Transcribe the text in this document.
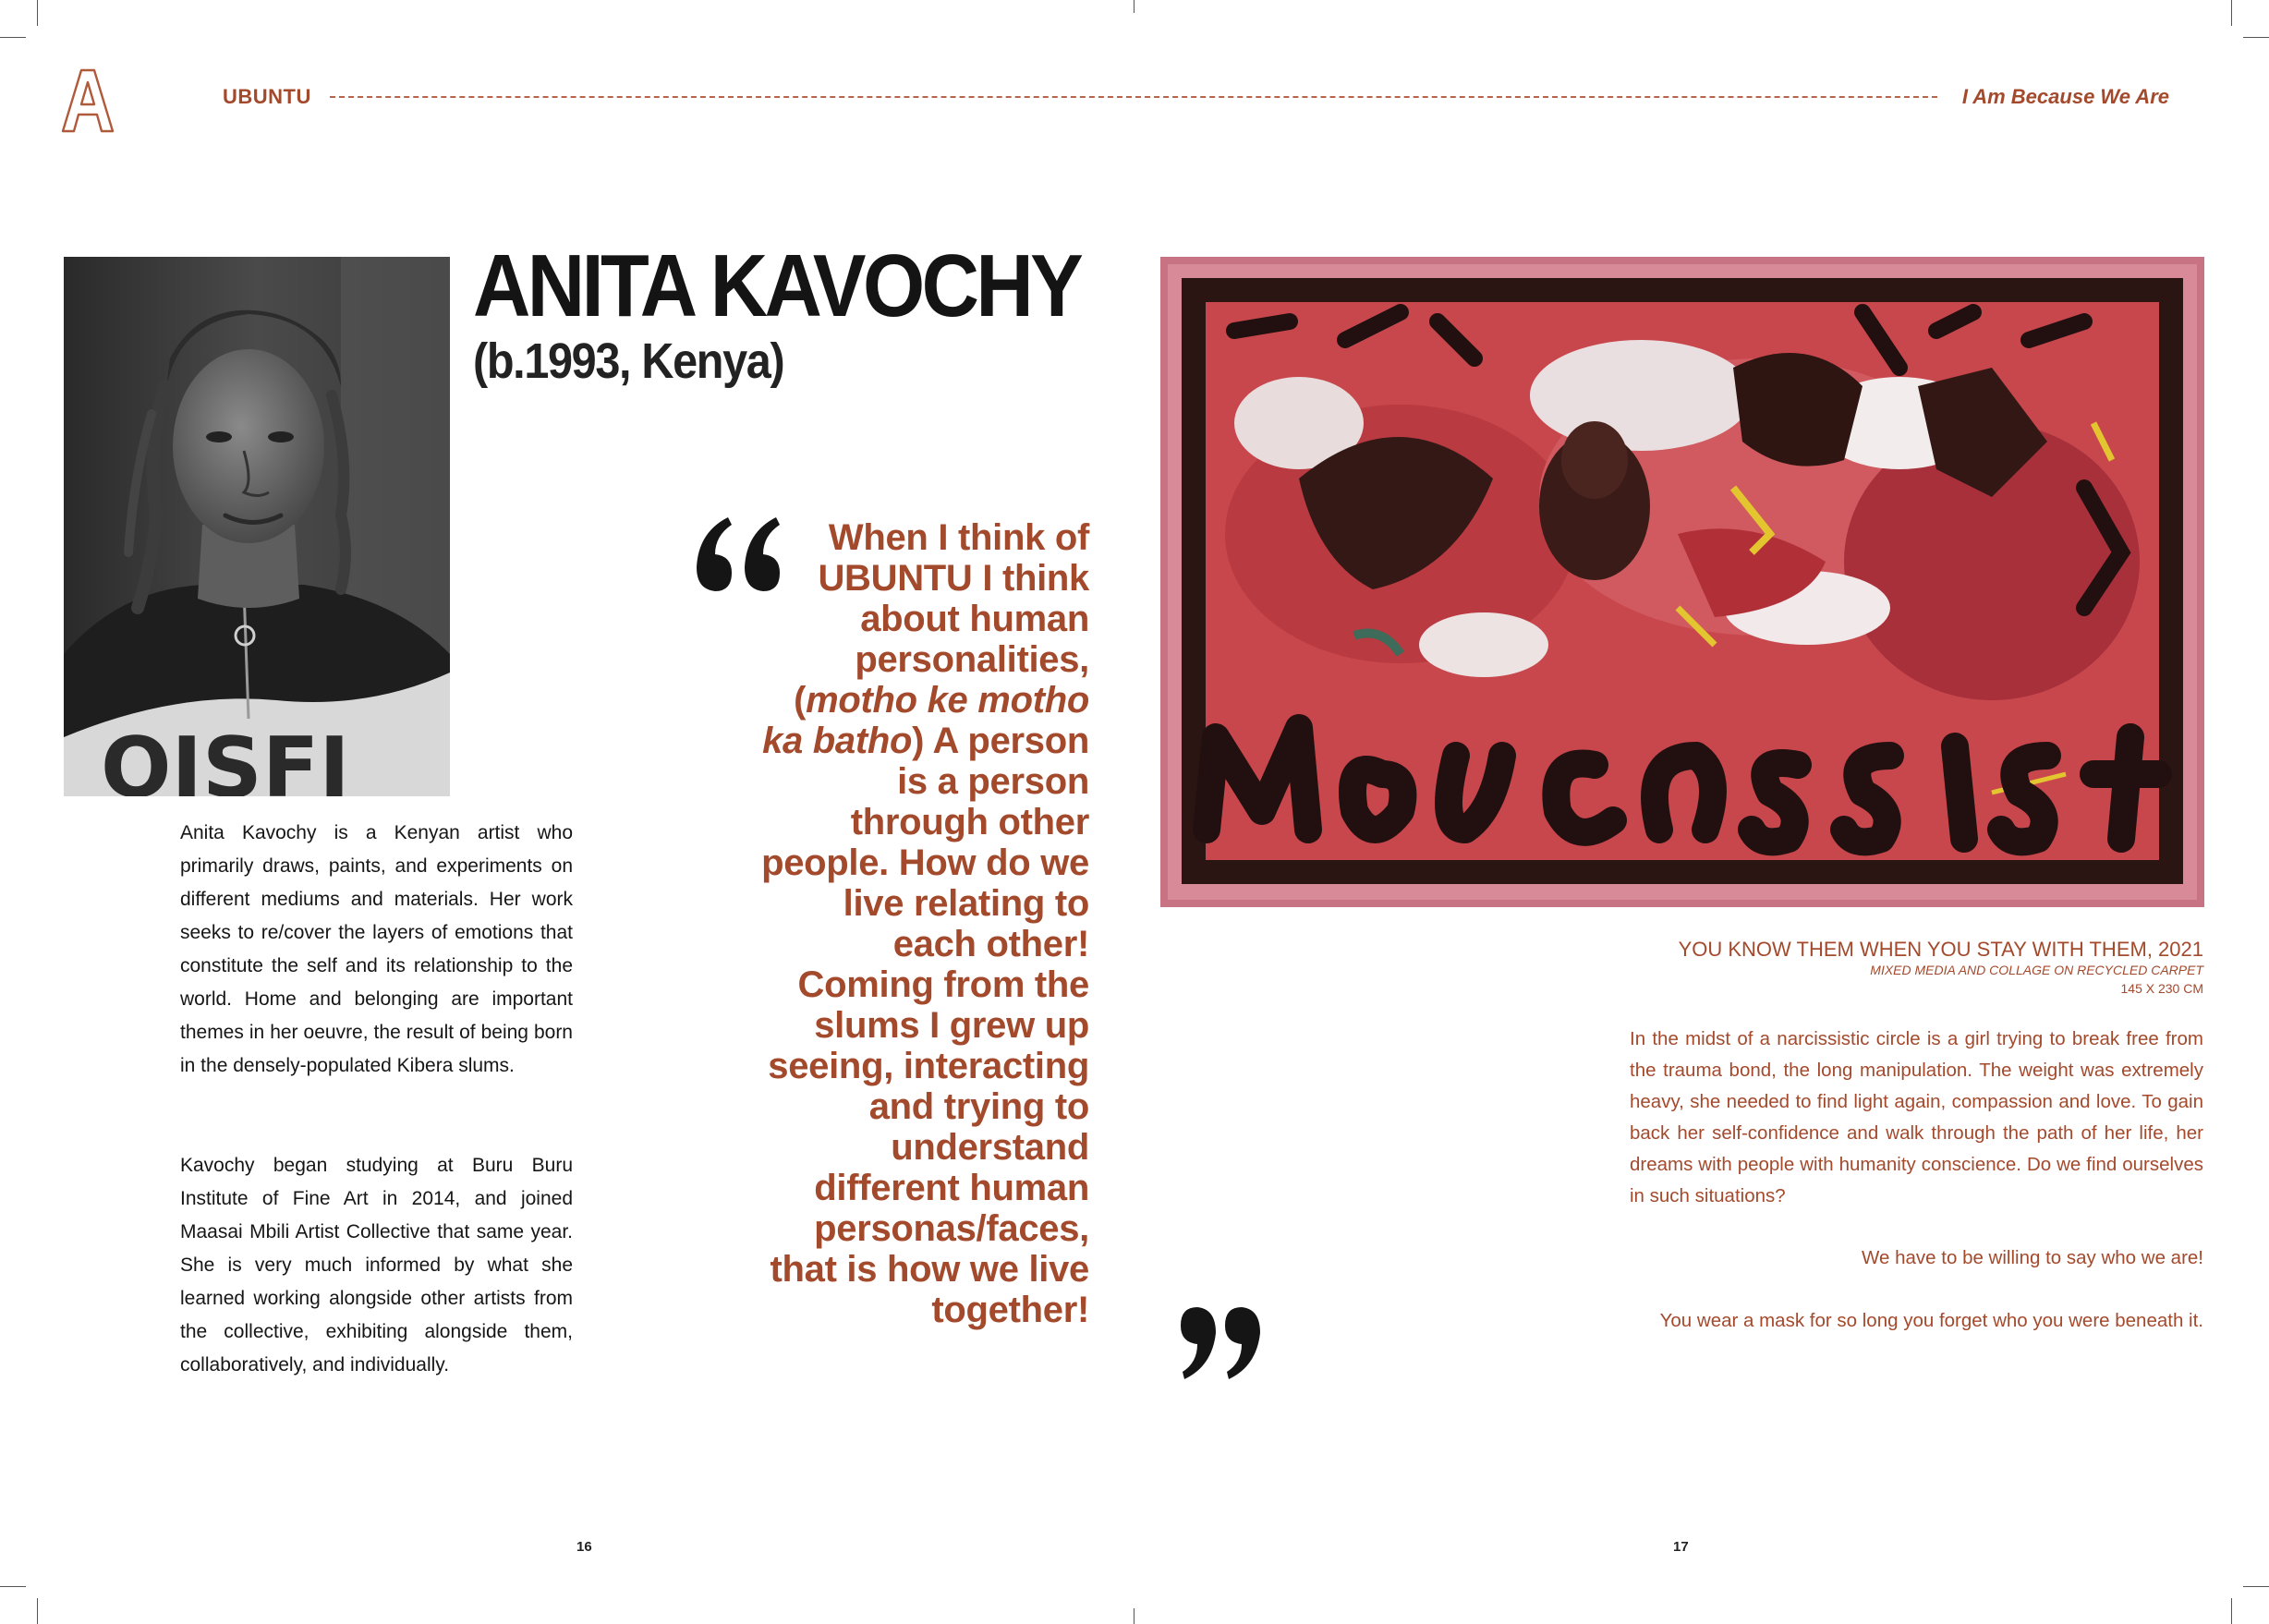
UBUNTU	I Am Because We Are
OISFI
ANITA KAVOCHY
(b.1993, Kenya)
Anita Kavochy is a Kenyan artist who primarily draws, paints, and experiments on different mediums and materials. Her work seeks to re/cover the layers of emotions that constitute the self and its relationship to the world. Home and belonging are important themes in her oeuvre, the result of being born in the densely-populated Kibera slums.
Kavochy began studying at Buru Buru Institute of Fine Art in 2014, and joined Maasai Mbili Artist Collective that same year. She is very much informed by what she learned working alongside other artists from the collective, exhibiting alongside them, collaboratively, and individually.
When I think of UBUNTU I think about human personalities, (motho ke motho ka batho) A person is a person through other people. How do we live relating to each other! Coming from the slums I grew up seeing, interacting and trying to understand different human personas/faces, that is how we live together!
YOU KNOW THEM WHEN YOU STAY WITH THEM, 2021
MIXED MEDIA AND COLLAGE ON RECYCLED CARPET
145 X 230 CM
In the midst of a narcissistic circle is a girl trying to break free from the trauma bond, the long manipulation. The weight was extremely heavy, she needed to find light again, compassion and love. To gain back her self-confidence and walk through the path of her life, her dreams with people with humanity conscience. Do we find ourselves in such situations?
We have to be willing to say who we are!
You wear a mask for so long you forget who you were beneath it.
16	17
